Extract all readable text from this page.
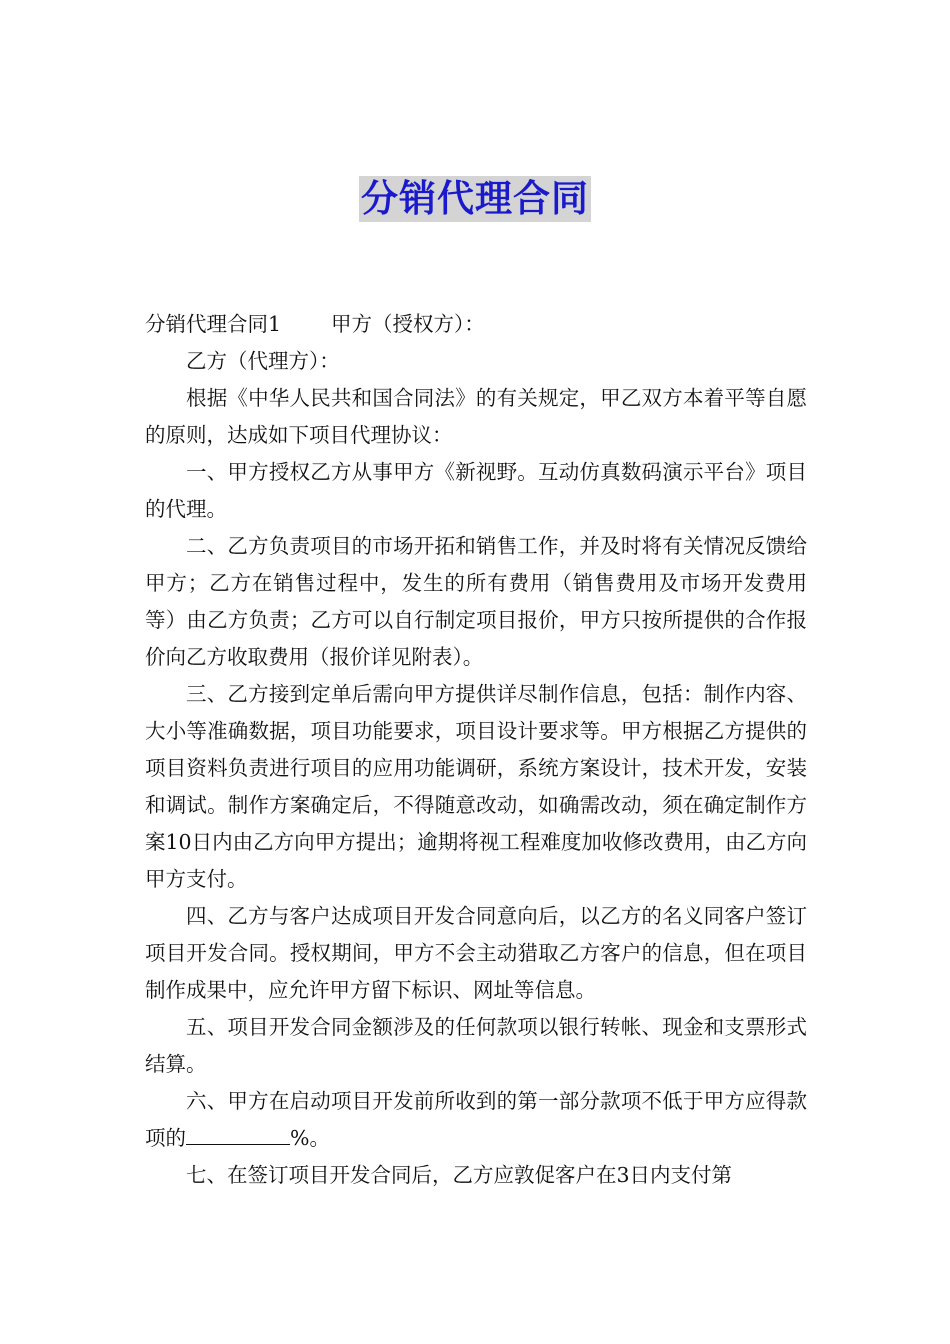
分销代理合同

分销代理合同1 甲方（授权方）：

乙方（代理方）：

根据《中华人民共和国合同法》的有关规定，甲乙双方本着平等自愿的原则，达成如下项目代理协议：

一、甲方授权乙方从事甲方《新视野。互动仿真数码演示平台》项目的代理。

二、乙方负责项目的市场开拓和销售工作，并及时将有关情况反馈给甲方；乙方在销售过程中，发生的所有费用（销售费用及市场开发费用等）由乙方负责；乙方可以自行制定项目报价，甲方只按所提供的合作报价向乙方收取费用（报价详见附表）。

三、乙方接到定单后需向甲方提供详尽制作信息，包括：制作内容、大小等准确数据，项目功能要求，项目设计要求等。甲方根据乙方提供的项目资料负责进行项目的应用功能调研，系统方案设计，技术开发，安装和调试。制作方案确定后，不得随意改动，如确需改动，须在确定制作方案10日内由乙方向甲方提出；逾期将视工程难度加收修改费用，由乙方向甲方支付。

四、乙方与客户达成项目开发合同意向后，以乙方的名义同客户签订项目开发合同。授权期间，甲方不会主动猎取乙方客户的信息，但在项目制作成果中，应允许甲方留下标识、网址等信息。

五、项目开发合同金额涉及的任何款项以银行转帐、现金和支票形式结算。

六、甲方在启动项目开发前所收到的第一部分款项不低于甲方应得款项的	%。

七、在签订项目开发合同后，乙方应敦促客户在3日内支付第
